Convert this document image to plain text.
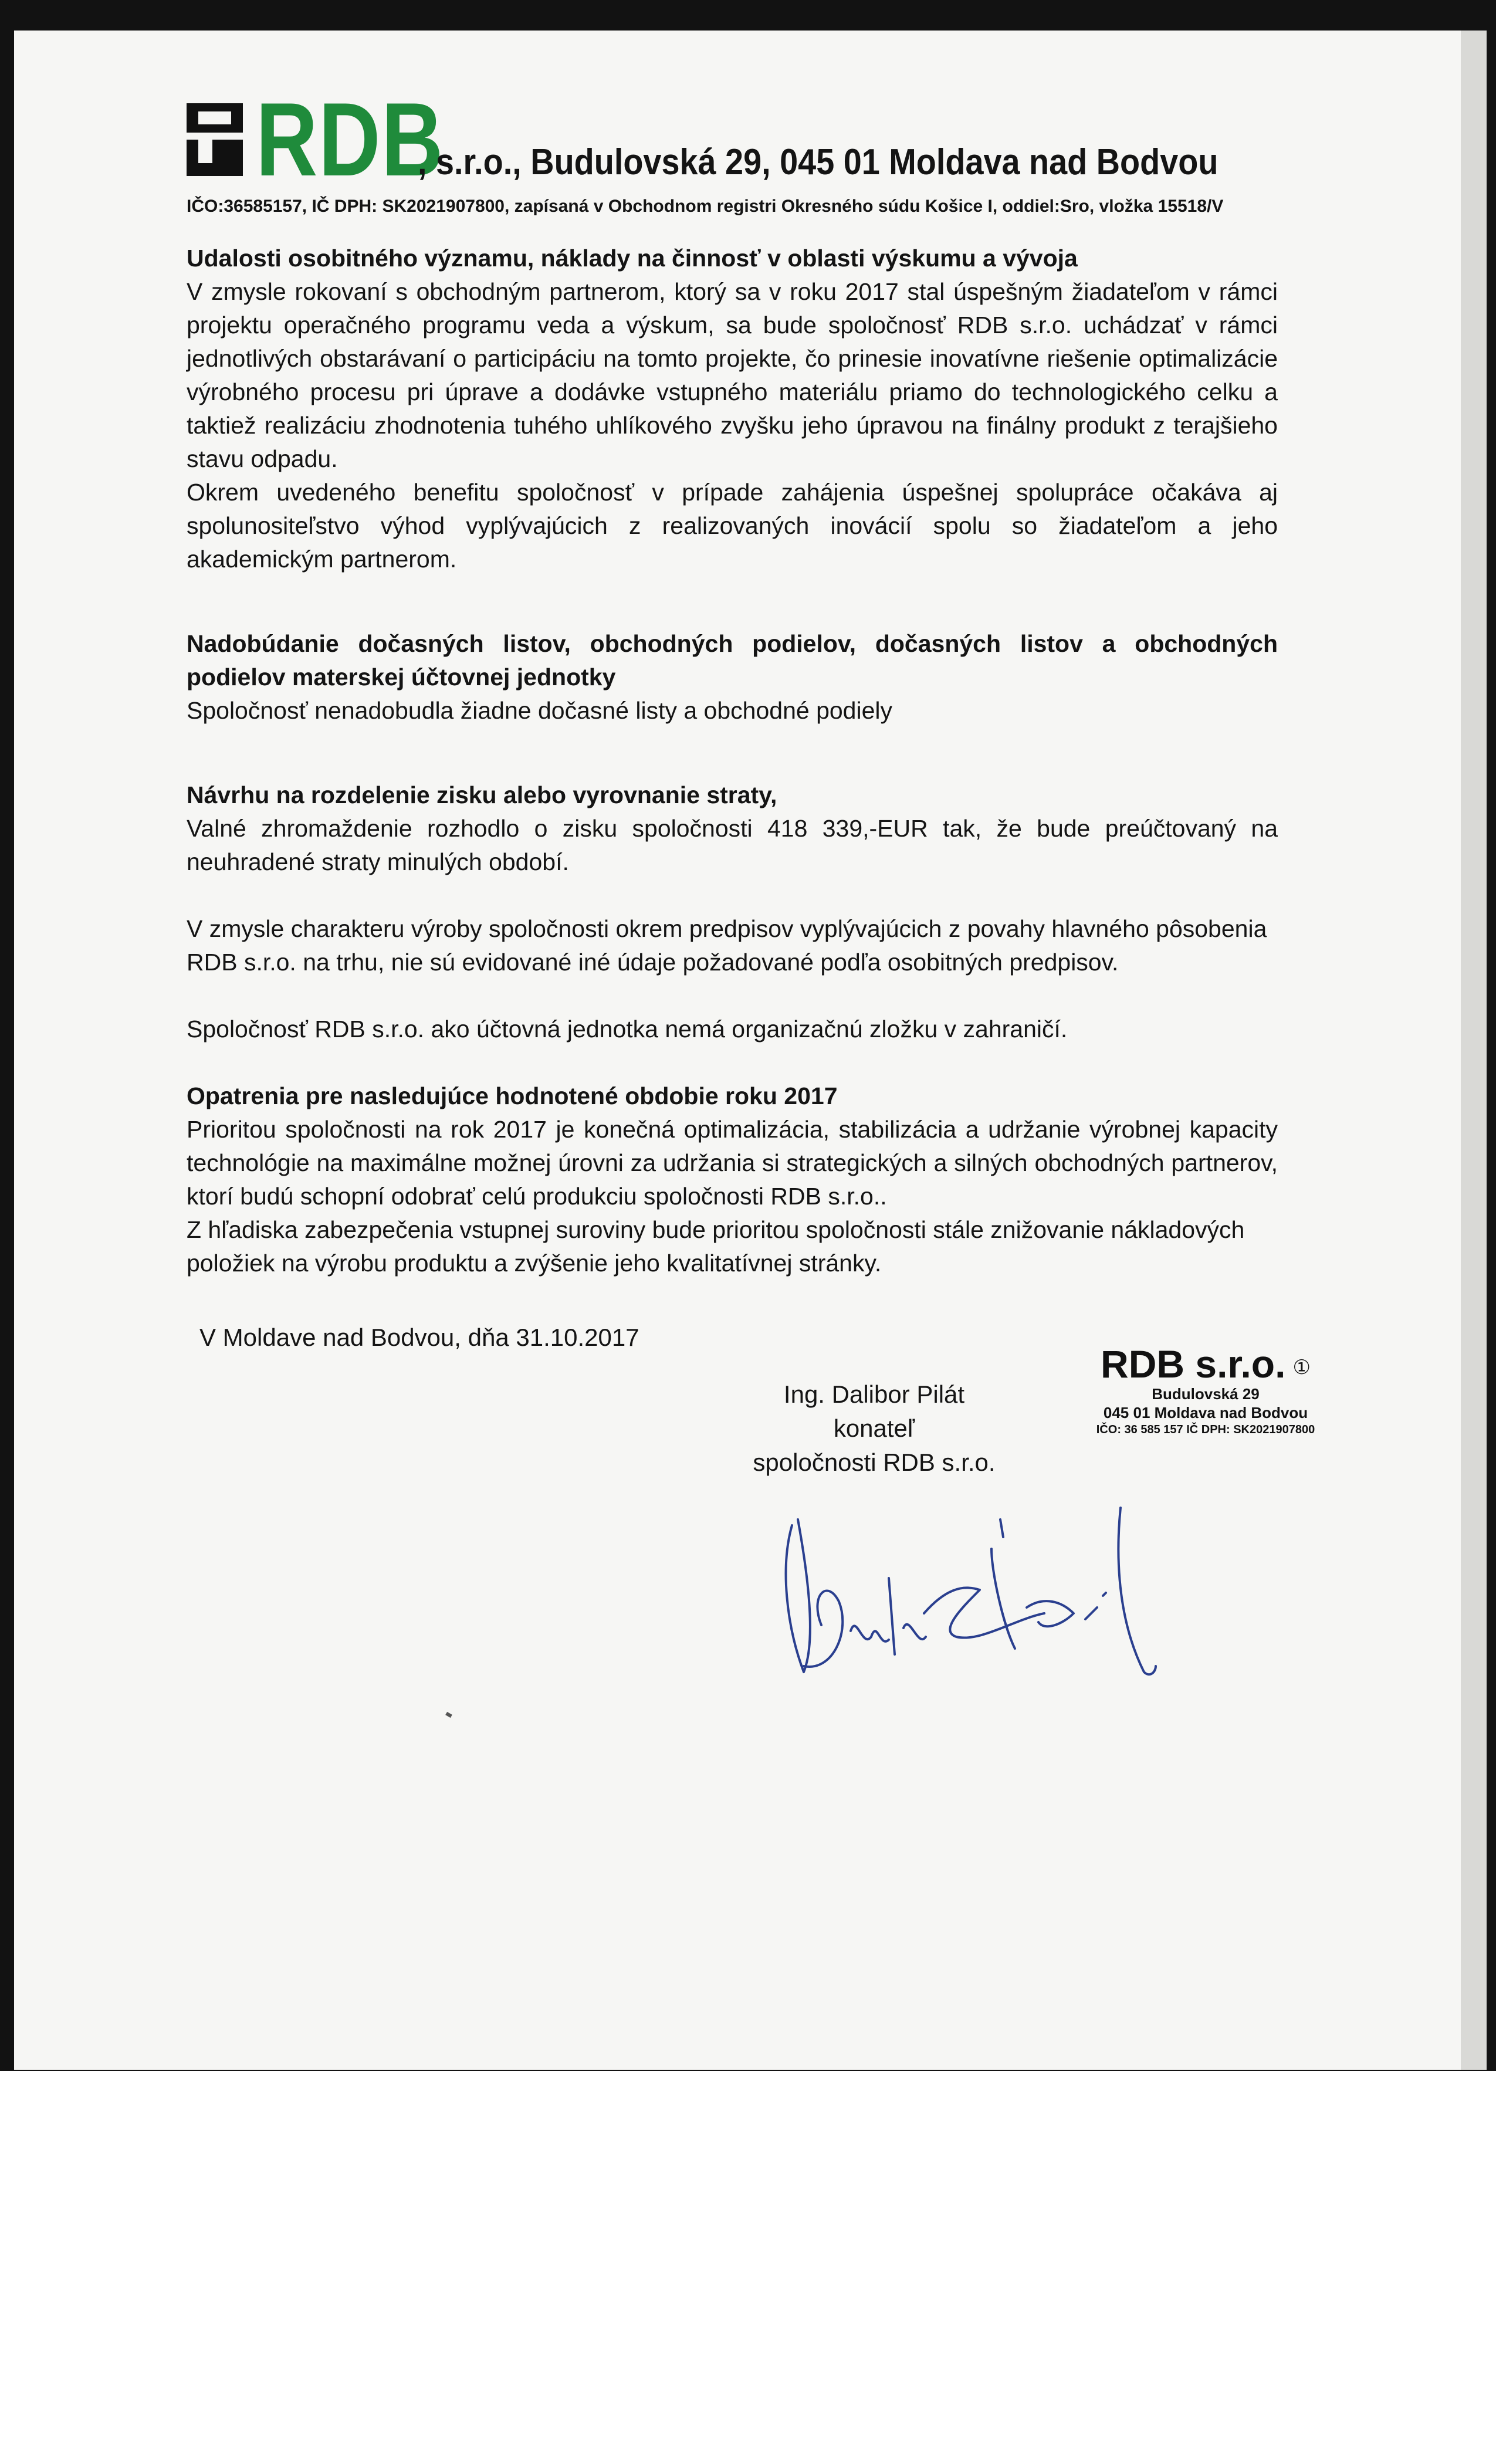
RDB
, s.r.o., Budulovská 29, 045 01 Moldava nad Bodvou
IČO:36585157, IČ DPH: SK2021907800, zapísaná v Obchodnom registri Okresného súdu Košice I, oddiel:Sro, vložka 15518/V

Udalosti osobitného významu, náklady na činnosť v oblasti výskumu a vývoja

V zmysle rokovaní s obchodným partnerom, ktorý sa v roku 2017 stal úspešným žiadateľom v rámci projektu operačného programu veda a výskum, sa bude spoločnosť RDB s.r.o. uchádzať v rámci jednotlivých obstarávaní o participáciu na tomto projekte, čo prinesie inovatívne riešenie optimalizácie výrobného procesu pri úprave a dodávke vstupného materiálu priamo do technologického celku a taktiež realizáciu zhodnotenia tuhého uhlíkového zvyšku jeho úpravou na finálny produkt z terajšieho stavu odpadu.

Okrem uvedeného benefitu spoločnosť v prípade zahájenia úspešnej spolupráce očakáva aj spolunositeľstvo výhod vyplývajúcich z realizovaných inovácií spolu so žiadateľom a jeho akademickým partnerom.

Nadobúdanie dočasných listov, obchodných podielov, dočasných listov a obchodných podielov materskej účtovnej jednotky

Spoločnosť nenadobudla žiadne dočasné listy a obchodné podiely

Návrhu na rozdelenie zisku alebo vyrovnanie straty,

Valné zhromaždenie rozhodlo o zisku spoločnosti 418 339,-EUR tak, že bude preúčtovaný na neuhradené straty minulých období.

V zmysle charakteru výroby spoločnosti okrem predpisov vyplývajúcich z povahy hlavného pôsobenia RDB s.r.o. na trhu, nie sú evidované iné údaje požadované podľa osobitných predpisov.

Spoločnosť RDB s.r.o. ako účtovná jednotka nemá organizačnú zložku v zahraničí.

Opatrenia pre nasledujúce hodnotené obdobie roku 2017

Prioritou spoločnosti na rok 2017 je konečná optimalizácia, stabilizácia a udržanie výrobnej kapacity technológie na maximálne možnej úrovni za udržania si strategických a silných obchodných partnerov, ktorí budú schopní odobrať celú produkciu spoločnosti RDB s.r.o..

Z hľadiska zabezpečenia vstupnej suroviny bude prioritou spoločnosti stále znižovanie nákladových položiek na výrobu produktu a zvýšenie jeho kvalitatívnej stránky.

V Moldave nad Bodvou, dňa 31.10.2017
Ing. Dalibor Pilát
konateľ
spoločnosti RDB s.r.o.
RDB s.r.o. ①
Budulovská 29
045 01 Moldava nad Bodvou
IČO: 36 585 157 IČ DPH: SK2021907800
